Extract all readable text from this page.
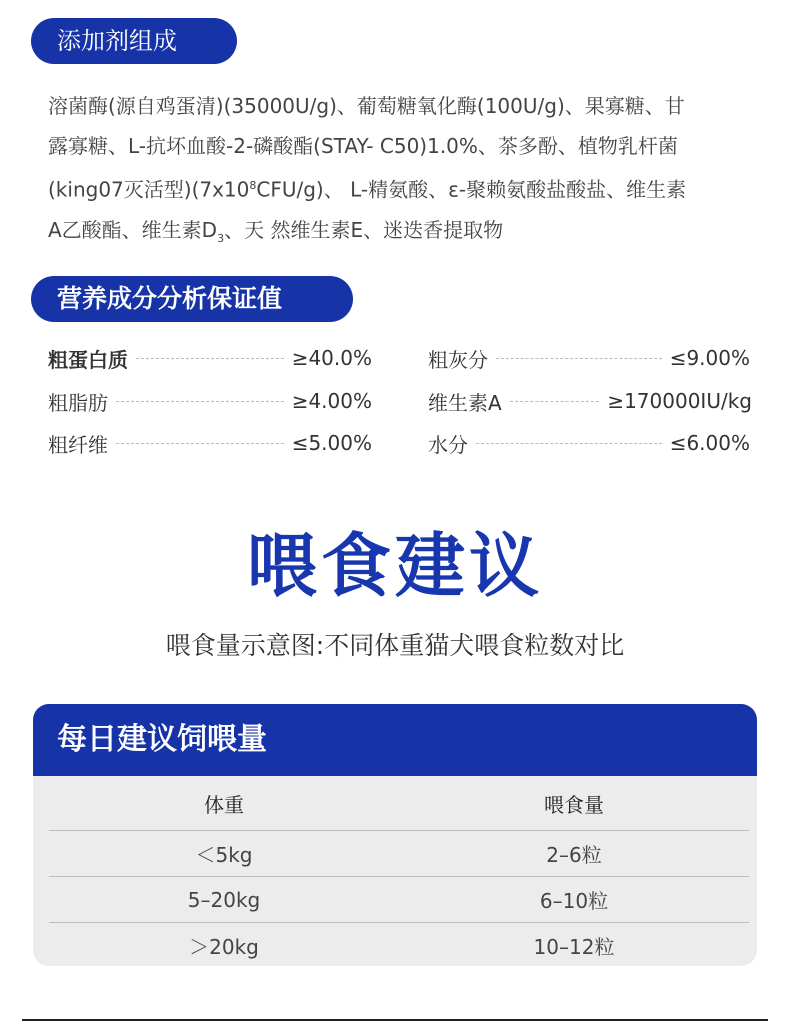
添加剂组成

溶菌酶(源自鸡蛋清)(35000U/g)、葡萄糖氧化酶(100U/g)、果寡糖、甘
露寡糖、L-抗坏血酸-2-磷酸酯(STAY- C50)1.0%、茶多酚、植物乳杆菌
(king07灭活型)$(7x10^8CFU/g)$、 L-精氨酸、ε-聚赖氨酸盐酸盐、维生素
A乙酸酯、维生素$D_3$、天 然维生素E、迷迭香提取物

营养成分分析保证值
粗蛋白质	≥40.0%	粗灰分	≤9.00%
粗脂肪	≥4.00%	维生素A	≥170000IU/kg
粗纤维	≤5.00%	水分	≤6.00%
喂食建议

喂食量示意图:不同体重猫犬喂食粒数对比

每日建议饲喂量
体重	喂食量
＜5kg	2–6粒
5–20kg	6–10粒
＞20kg	10–12粒
